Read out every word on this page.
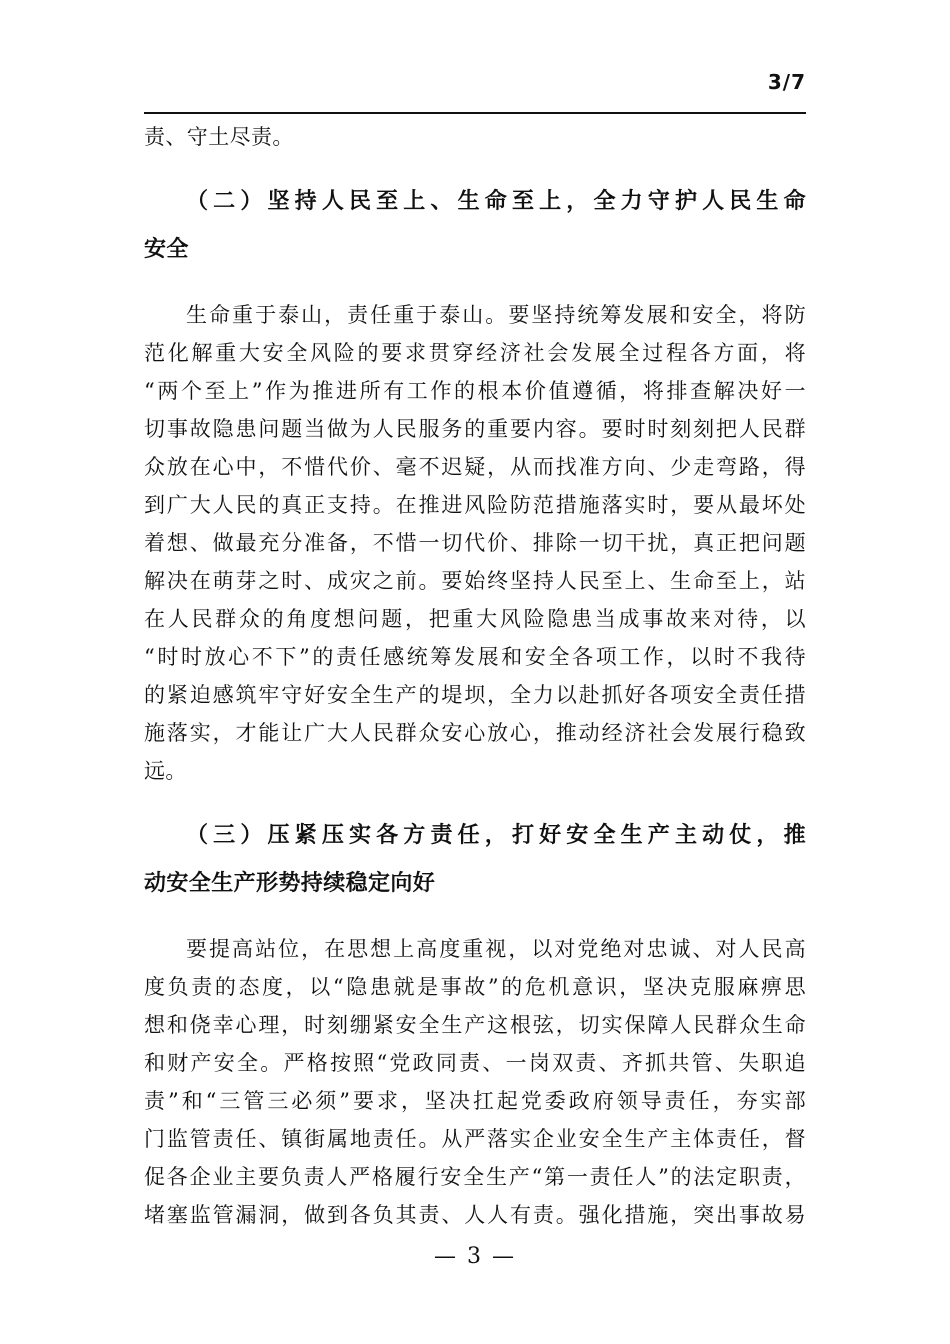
3/7
责、守土尽责。
（二）坚持人民至上、生命至上，全力守护人民生命
安全
生命重于泰山，责任重于泰山。要坚持统筹发展和安全，将防
范化解重大安全风险的要求贯穿经济社会发展全过程各方面，将
“两个至上”作为推进所有工作的根本价值遵循，将排查解决好一
切事故隐患问题当做为人民服务的重要内容。要时时刻刻把人民群
众放在心中，不惜代价、毫不迟疑，从而找准方向、少走弯路，得
到广大人民的真正支持。在推进风险防范措施落实时，要从最坏处
着想、做最充分准备，不惜一切代价、排除一切干扰，真正把问题
解决在萌芽之时、成灾之前。要始终坚持人民至上、生命至上，站
在人民群众的角度想问题，把重大风险隐患当成事故来对待，以
“时时放心不下”的责任感统筹发展和安全各项工作，以时不我待
的紧迫感筑牢守好安全生产的堤坝，全力以赴抓好各项安全责任措
施落实，才能让广大人民群众安心放心，推动经济社会发展行稳致
远。
（三）压紧压实各方责任，打好安全生产主动仗，推
动安全生产形势持续稳定向好
要提高站位，在思想上高度重视，以对党绝对忠诚、对人民高
度负责的态度，以“隐患就是事故”的危机意识，坚决克服麻痹思
想和侥幸心理，时刻绷紧安全生产这根弦，切实保障人民群众生命
和财产安全。严格按照“党政同责、一岗双责、齐抓共管、失职追
责”和“三管三必须”要求，坚决扛起党委政府领导责任，夯实部
门监管责任、镇街属地责任。从严落实企业安全生产主体责任，督
促各企业主要负责人严格履行安全生产“第一责任人”的法定职责，
堵塞监管漏洞，做到各负其责、人人有责。强化措施，突出事故易
— 3 —
